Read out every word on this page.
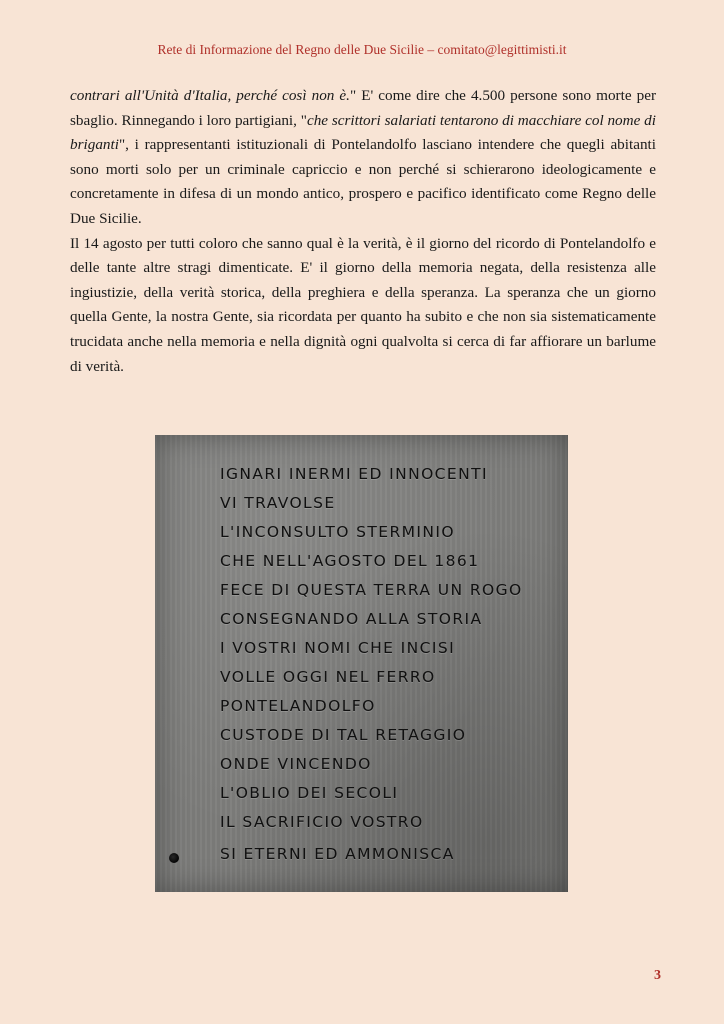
Rete di Informazione del Regno delle Due Sicilie – comitato@legittimisti.it

contrari all'Unità d'Italia, perché così non è." E' come dire che 4.500 persone sono morte per sbaglio. Rinnegando i loro partigiani, "che scrittori salariati tentarono di macchiare col nome di briganti", i rappresentanti istituzionali di Pontelandolfo lasciano intendere che quegli abitanti sono morti solo per un criminale capriccio e non perché si schierarono ideologicamente e concretamente in difesa di un mondo antico, prospero e pacifico identificato come Regno delle Due Sicilie.

Il 14 agosto per tutti coloro che sanno qual è la verità, è il giorno del ricordo di Pontelandolfo e delle tante altre stragi dimenticate. E' il giorno della memoria negata, della resistenza alle ingiustizie, della verità storica, della preghiera e della speranza. La speranza che un giorno quella Gente, la nostra Gente, sia ricordata per quanto ha subito e che non sia sistematicamente trucidata anche nella memoria e nella dignità ogni qualvolta si cerca di far affiorare un barlume di verità.

IGNARI INERMI ED INNOCENTI
VI TRAVOLSE
L'INCONSULTO STERMINIO
CHE NELL'AGOSTO DEL 1861
FECE DI QUESTA TERRA UN ROGO
CONSEGNANDO ALLA STORIA
I VOSTRI NOMI CHE INCISI
VOLLE OGGI NEL FERRO
PONTELANDOLFO
CUSTODE DI TAL RETAGGIO
ONDE VINCENDO
L'OBLIO DEI SECOLI
IL SACRIFICIO VOSTRO
SI ETERNI ED AMMONISCA
3
